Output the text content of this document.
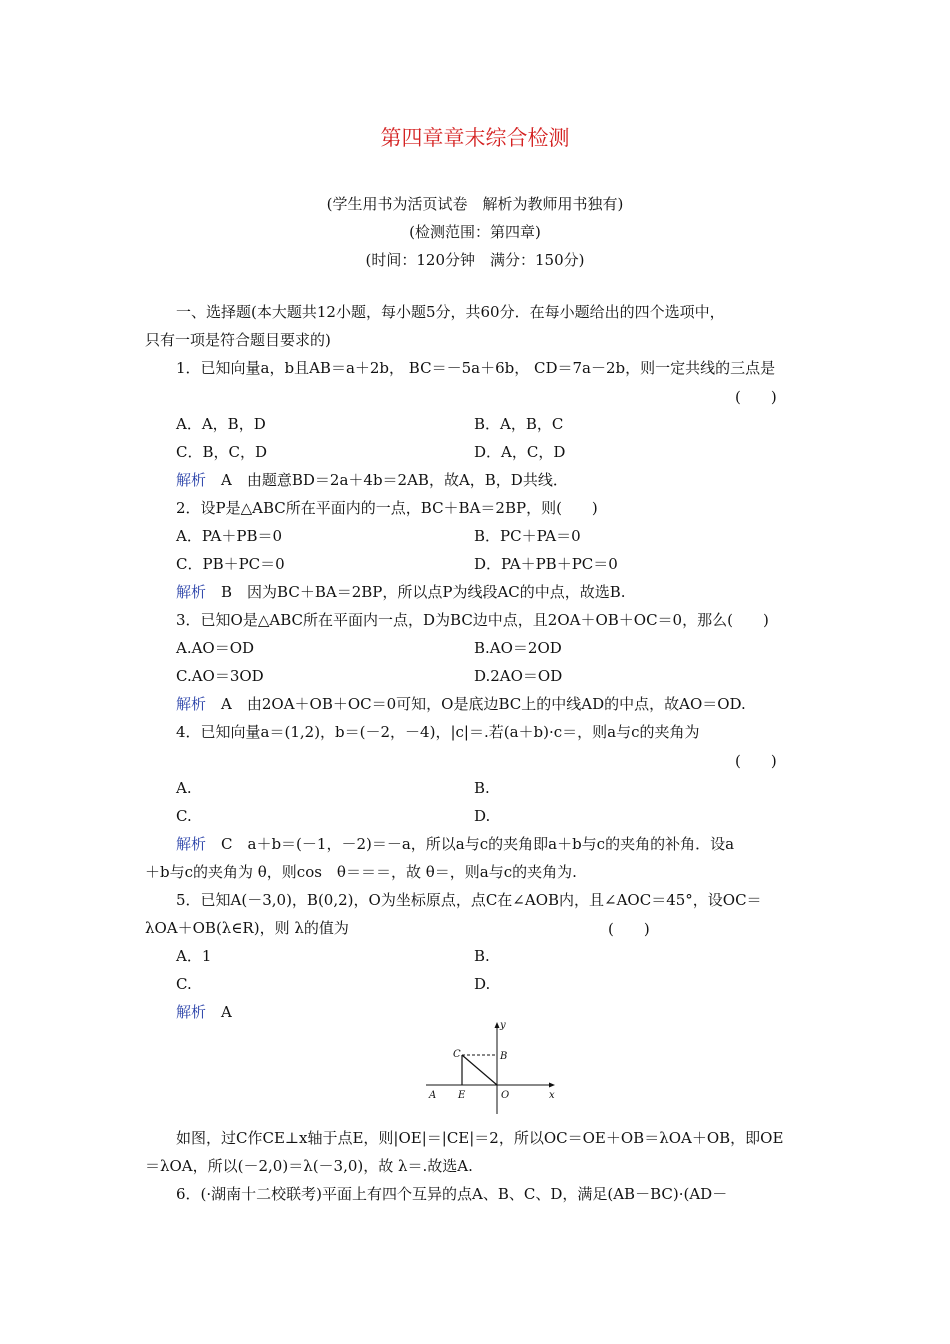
第四章章末综合检测
(学生用书为活页试卷　解析为教师用书独有)
(检测范围：第四章)
(时间：120分钟　满分：150分)
一、选择题(本大题共12小题，每小题5分，共60分．在每小题给出的四个选项中，
只有一项是符合题目要求的)
1．已知向量a，b且AB＝a＋2b， BC＝－5a＋6b， CD＝7a－2b，则一定共线的三点是
(　　)
A．A，B，D	B．A，B，C
C．B，C，D	D．A，C，D
解析　 A　由题意BD＝2a＋4b＝2AB，故A，B，D共线．
2．设P是△ABC所在平面内的一点，BC＋BA＝2BP，则(　　)
A．PA＋PB＝0	B．PC＋PA＝0
C．PB＋PC＝0	D．PA＋PB＋PC＝0
解析　 B　因为BC＋BA＝2BP，所以点P为线段AC的中点，故选B.
3．已知O是△ABC所在平面内一点，D为BC边中点，且2OA＋OB＋OC＝0，那么(　　)
A.AO＝OD	B.AO＝2OD
C.AO＝3OD	D.2AO＝OD
解析　 A　由2OA＋OB＋OC＝0可知，O是底边BC上的中线AD的中点，故AO＝OD.
4．已知向量a＝(1,2)，b＝(－2，－4)，|c|＝.若(a＋b)·c＝，则a与c的夹角为
(　　)
A.	B.
C.	D.
解析　 C　a＋b＝(－1，－2)＝－a，所以a与c的夹角即a＋b与c的夹角的补角．设a
＋b与c的夹角为 θ，则cos　θ＝＝＝，故 θ＝，则a与c的夹角为.
5．已知A(－3,0)，B(0,2)，O为坐标原点，点C在∠AOB内，且∠AOC＝45°，设OC＝
λOA＋OB(λ∈R)，则 λ的值为	(　　)
A．1	B.
C.	D.
解析　 A
y
x
C	B
A E	O
如图，过C作CE⊥x轴于点E，则|OE|＝|CE|＝2，所以OC＝OE＋OB＝λOA＋OB，即OE
＝λOA，所以(－2,0)＝λ(－3,0)，故 λ＝.故选A.
6．(·湖南十二校联考)平面上有四个互异的点A、B、C、D，满足(AB－BC)·(AD－
